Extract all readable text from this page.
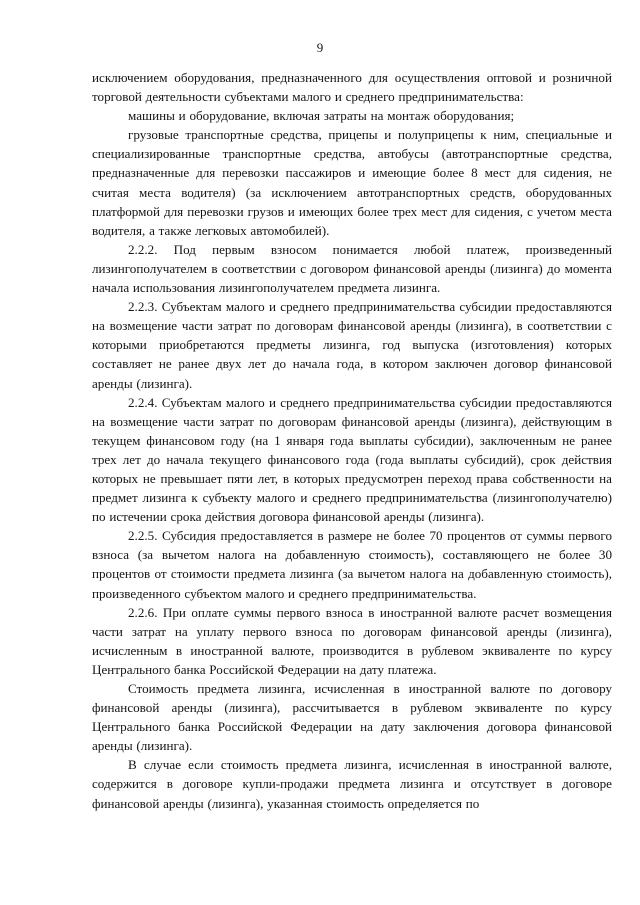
9

исключением оборудования, предназначенного для осуществления оптовой и розничной торговой деятельности субъектами малого и среднего предпринимательства:

машины и оборудование, включая затраты на монтаж оборудования;

грузовые транспортные средства, прицепы и полуприцепы к ним, специальные и специализированные транспортные средства, автобусы (автотранспортные средства, предназначенные для перевозки пассажиров и имеющие более 8 мест для сидения, не считая места водителя) (за исключением автотранспортных средств, оборудованных платформой для перевозки грузов и имеющих более трех мест для сидения, с учетом места водителя, а также легковых автомобилей).

2.2.2. Под первым взносом понимается любой платеж, произведенный лизингополучателем в соответствии с договором финансовой аренды (лизинга) до момента начала использования лизингополучателем предмета лизинга.

2.2.3. Субъектам малого и среднего предпринимательства субсидии предоставляются на возмещение части затрат по договорам финансовой аренды (лизинга), в соответствии с которыми приобретаются предметы лизинга, год выпуска (изготовления) которых составляет не ранее двух лет до начала года, в котором заключен договор финансовой аренды (лизинга).

2.2.4. Субъектам малого и среднего предпринимательства субсидии предоставляются на возмещение части затрат по договорам финансовой аренды (лизинга), действующим в текущем финансовом году (на 1 января года выплаты субсидии), заключенным не ранее трех лет до начала текущего финансового года (года выплаты субсидий), срок действия которых не превышает пяти лет, в которых предусмотрен переход права собственности на предмет лизинга к субъекту малого и среднего предпринимательства (лизингополучателю) по истечении срока действия договора финансовой аренды (лизинга).

2.2.5. Субсидия предоставляется в размере не более 70 процентов от суммы первого взноса (за вычетом налога на добавленную стоимость), составляющего не более 30 процентов от стоимости предмета лизинга (за вычетом налога на добавленную стоимость), произведенного субъектом малого и среднего предпринимательства.

2.2.6. При оплате суммы первого взноса в иностранной валюте расчет возмещения части затрат на уплату первого взноса по договорам финансовой аренды (лизинга), исчисленным в иностранной валюте, производится в рублевом эквиваленте по курсу Центрального банка Российской Федерации на дату платежа.

Стоимость предмета лизинга, исчисленная в иностранной валюте по договору финансовой аренды (лизинга), рассчитывается в рублевом эквиваленте по курсу Центрального банка Российской Федерации на дату заключения договора финансовой аренды (лизинга).

В случае если стоимость предмета лизинга, исчисленная в иностранной валюте, содержится в договоре купли-продажи предмета лизинга и отсутствует в договоре финансовой аренды (лизинга), указанная стоимость определяется по
